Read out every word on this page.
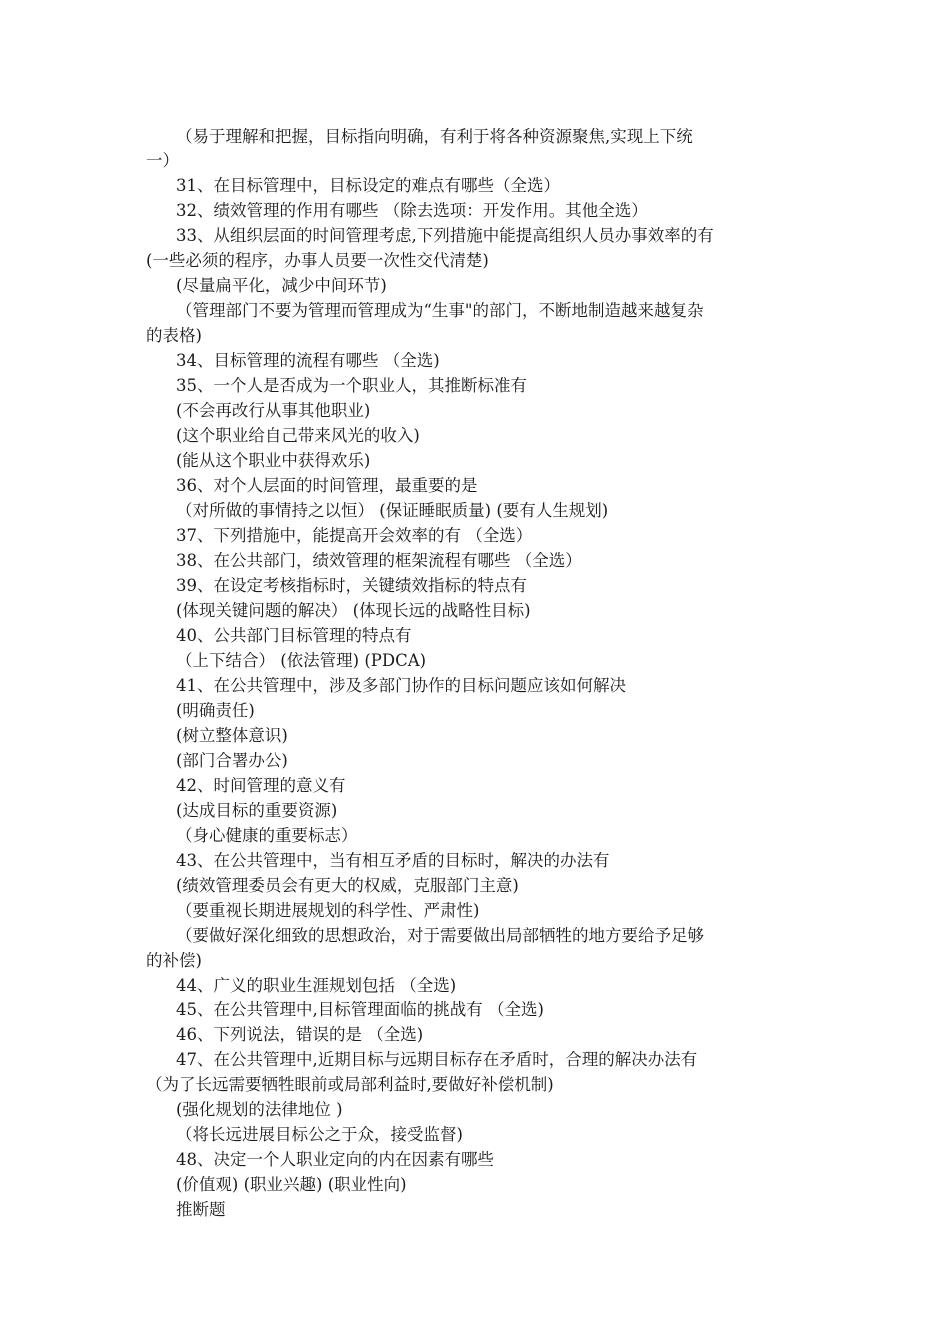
（易于理解和把握，目标指向明确，有利于将各种资源聚焦,实现上下统
一）
31、在目标管理中，目标设定的难点有哪些（全选）
32、绩效管理的作用有哪些 （除去选项：开发作用。其他全选）
33、从组织层面的时间管理考虑,下列措施中能提高组织人员办事效率的有
(一些必须的程序，办事人员要一次性交代清楚)
(尽量扁平化，减少中间环节)
（管理部门不要为管理而管理成为“生事"的部门，不断地制造越来越复杂
的表格)
34、目标管理的流程有哪些 （全选)
35、一个人是否成为一个职业人，其推断标准有
(不会再改行从事其他职业)
(这个职业给自己带来风光的收入)
(能从这个职业中获得欢乐)
36、对个人层面的时间管理，最重要的是
（对所做的事情持之以恒） (保证睡眠质量) (要有人生规划)
37、下列措施中，能提高开会效率的有 （全选）
38、在公共部门，绩效管理的框架流程有哪些 （全选）
39、在设定考核指标时，关键绩效指标的特点有
(体现关键问题的解决） (体现长远的战略性目标)
40、公共部门目标管理的特点有
（上下结合） (依法管理) (PDCA)
41、在公共管理中，涉及多部门协作的目标问题应该如何解决
(明确责任)
(树立整体意识)
(部门合署办公)
42、时间管理的意义有
(达成目标的重要资源)
（身心健康的重要标志）
43、在公共管理中，当有相互矛盾的目标时，解决的办法有
(绩效管理委员会有更大的权威，克服部门主意)
（要重视长期进展规划的科学性、严肃性)
（要做好深化细致的思想政治，对于需要做出局部牺牲的地方要给予足够
的补偿)
44、广义的职业生涯规划包括 （全选)
45、在公共管理中,目标管理面临的挑战有 （全选)
46、下列说法，错误的是 （全选)
47、在公共管理中,近期目标与远期目标存在矛盾时，合理的解决办法有
（为了长远需要牺牲眼前或局部利益时,要做好补偿机制)
(强化规划的法律地位 )
（将长远进展目标公之于众，接受监督)
48、决定一个人职业定向的内在因素有哪些
(价值观) (职业兴趣) (职业性向)
推断题
